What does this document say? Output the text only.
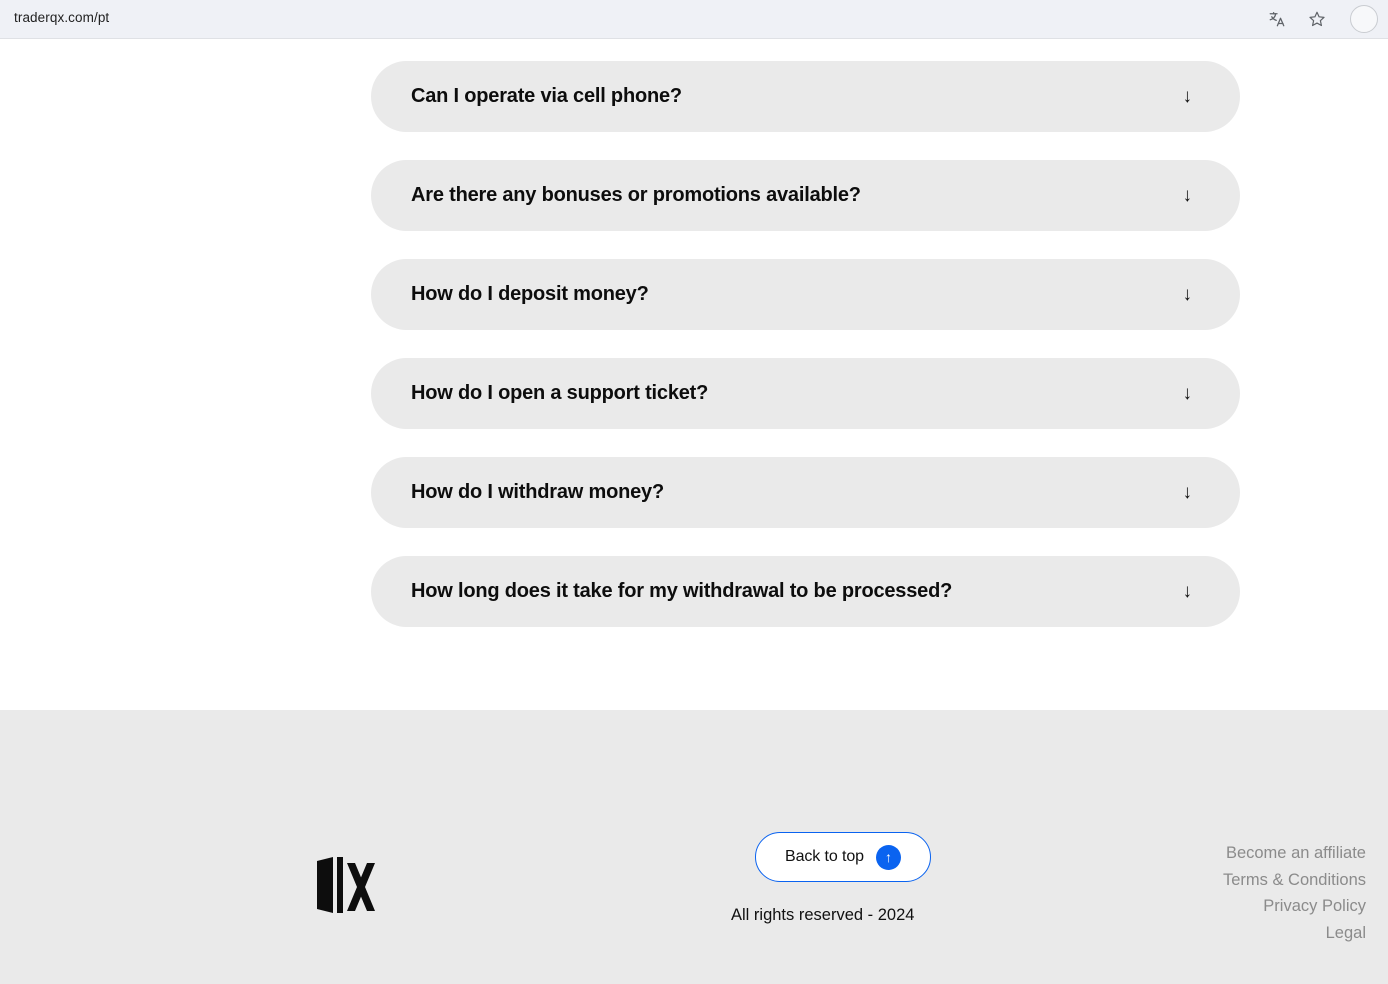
traderqx.com/pt
Can I operate via cell phone?	↓
Are there any bonuses or promotions available?	↓
How do I deposit money?	↓
How do I open a support ticket?	↓
How do I withdraw money?	↓
How long does it take for my withdrawal to be processed?	↓
Back to top	↑
All rights reserved - 2024
Become an affiliate
Terms & Conditions
Privacy Policy
Legal
